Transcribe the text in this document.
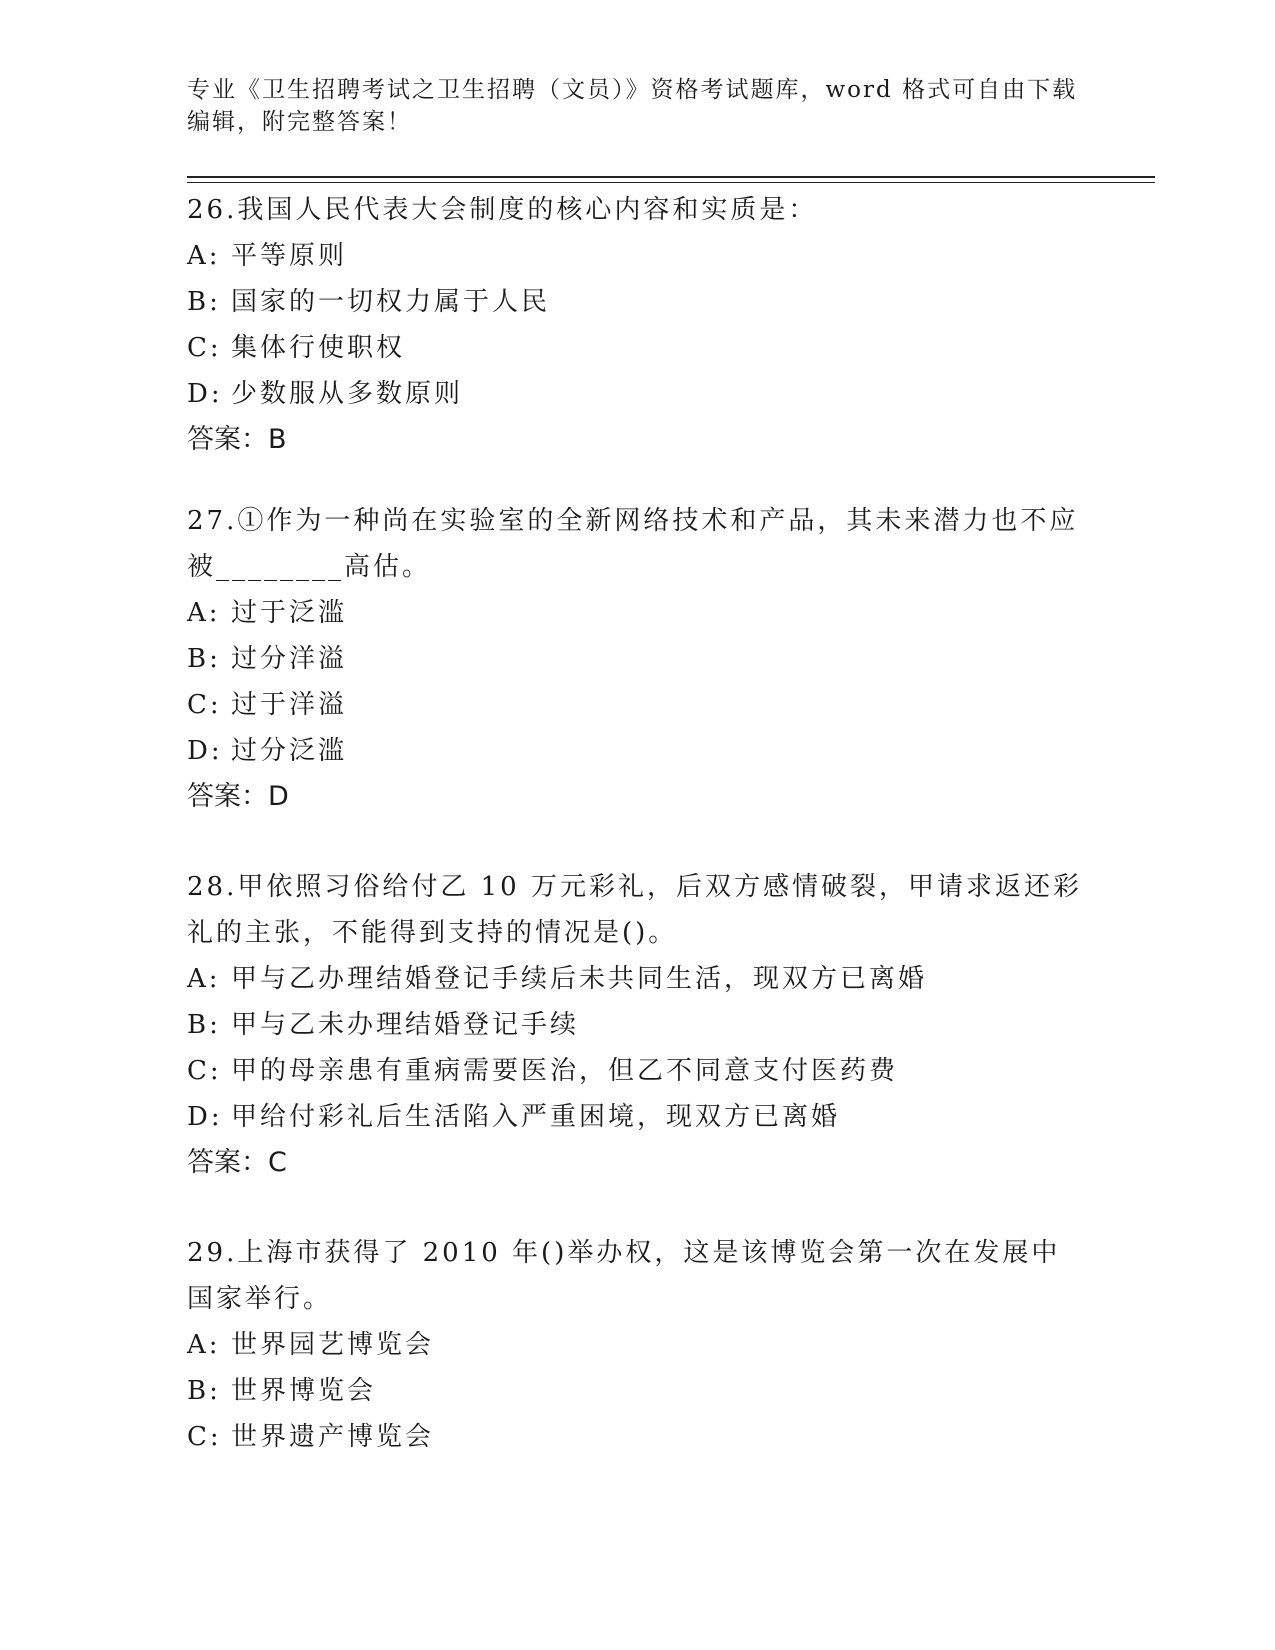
专业《卫生招聘考试之卫生招聘（文员）》资格考试题库，word 格式可自由下载
编辑，附完整答案！

26.我国人民代表大会制度的核心内容和实质是：

A: 平等原则

B: 国家的一切权力属于人民

C: 集体行使职权

D: 少数服从多数原则

答案：B

27.①作为一种尚在实验室的全新网络技术和产品，其未来潜力也不应被________高估。

A: 过于泛滥

B: 过分洋溢

C: 过于洋溢

D: 过分泛滥

答案：D

28.甲依照习俗给付乙 10 万元彩礼，后双方感情破裂，甲请求返还彩礼的主张，不能得到支持的情况是()。

A: 甲与乙办理结婚登记手续后未共同生活，现双方已离婚

B: 甲与乙未办理结婚登记手续

C: 甲的母亲患有重病需要医治，但乙不同意支付医药费

D: 甲给付彩礼后生活陷入严重困境，现双方已离婚

答案：C

29.上海市获得了 2010 年()举办权，这是该博览会第一次在发展中国家举行。

A: 世界园艺博览会

B: 世界博览会

C: 世界遗产博览会
